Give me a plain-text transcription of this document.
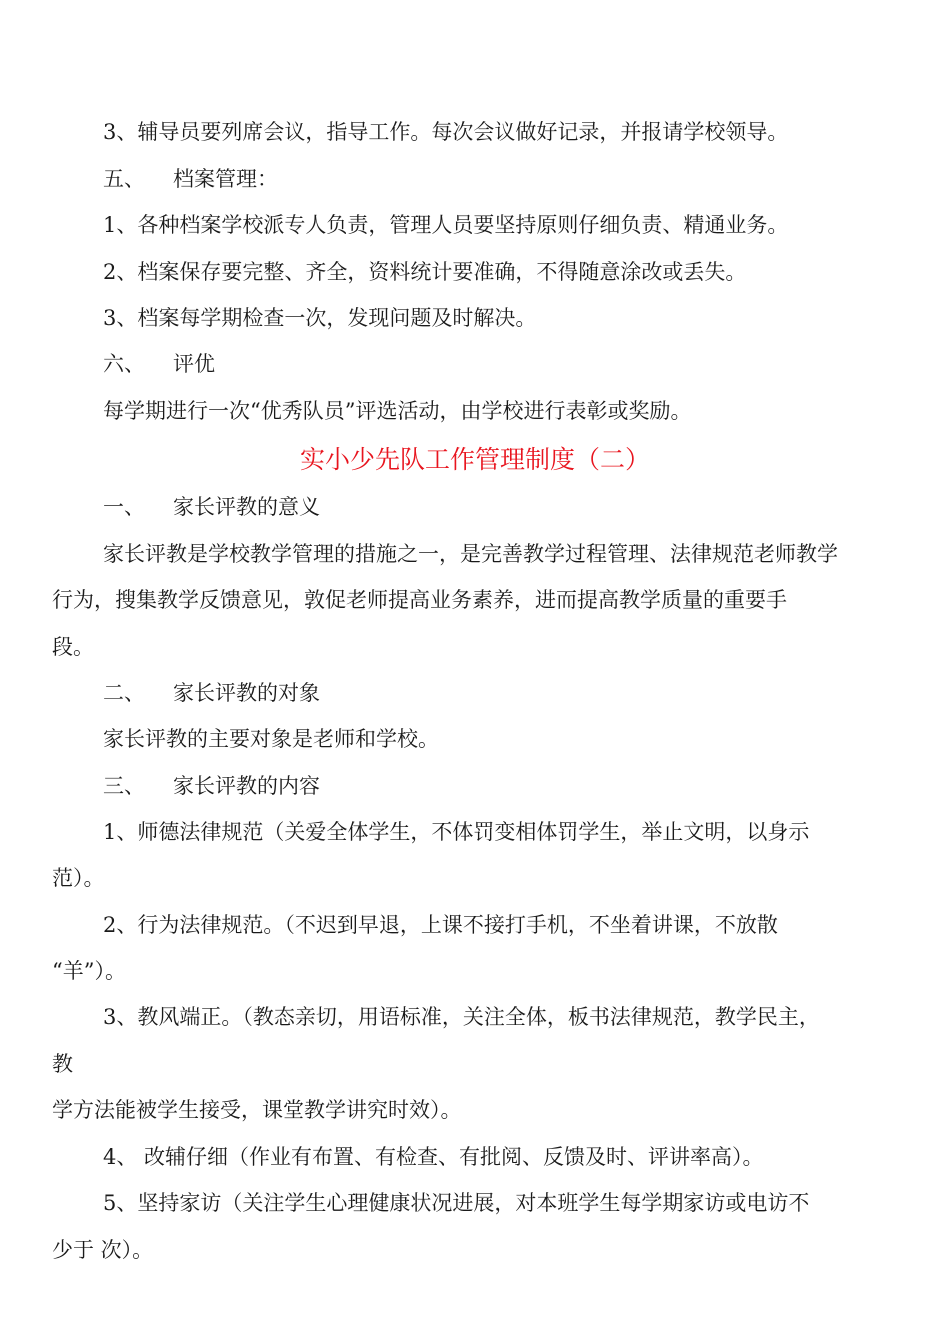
3、辅导员要列席会议，指导工作。每次会议做好记录，并报请学校领导。
五、 档案管理：
1、各种档案学校派专人负责，管理人员要坚持原则仔细负责、精通业务。
2、档案保存要完整、齐全，资料统计要准确，不得随意涂改或丢失。
3、档案每学期检查一次，发现问题及时解决。
六、 评优
每学期进行一次“优秀队员”评选活动，由学校进行表彰或奖励。
实小少先队工作管理制度（二）
一、 家长评教的意义
家长评教是学校教学管理的措施之一，是完善教学过程管理、法律规范老师教学
行为，搜集教学反馈意见，敦促老师提高业务素养，进而提高教学质量的重要手
段。
二、 家长评教的对象
家长评教的主要对象是老师和学校。
三、 家长评教的内容
1、师德法律规范（关爱全体学生，不体罚变相体罚学生，举止文明，以身示
范）。
2、行为法律规范。（不迟到早退，上课不接打手机，不坐着讲课，不放散
“羊”）。
3、教风端正。（教态亲切，用语标准，关注全体，板书法律规范，教学民主，
教
学方法能被学生接受，课堂教学讲究时效）。
4、 改辅仔细（作业有布置、有检查、有批阅、反馈及时、评讲率高）。
5、坚持家访（关注学生心理健康状况进展，对本班学生每学期家访或电访不
少于 次）。
